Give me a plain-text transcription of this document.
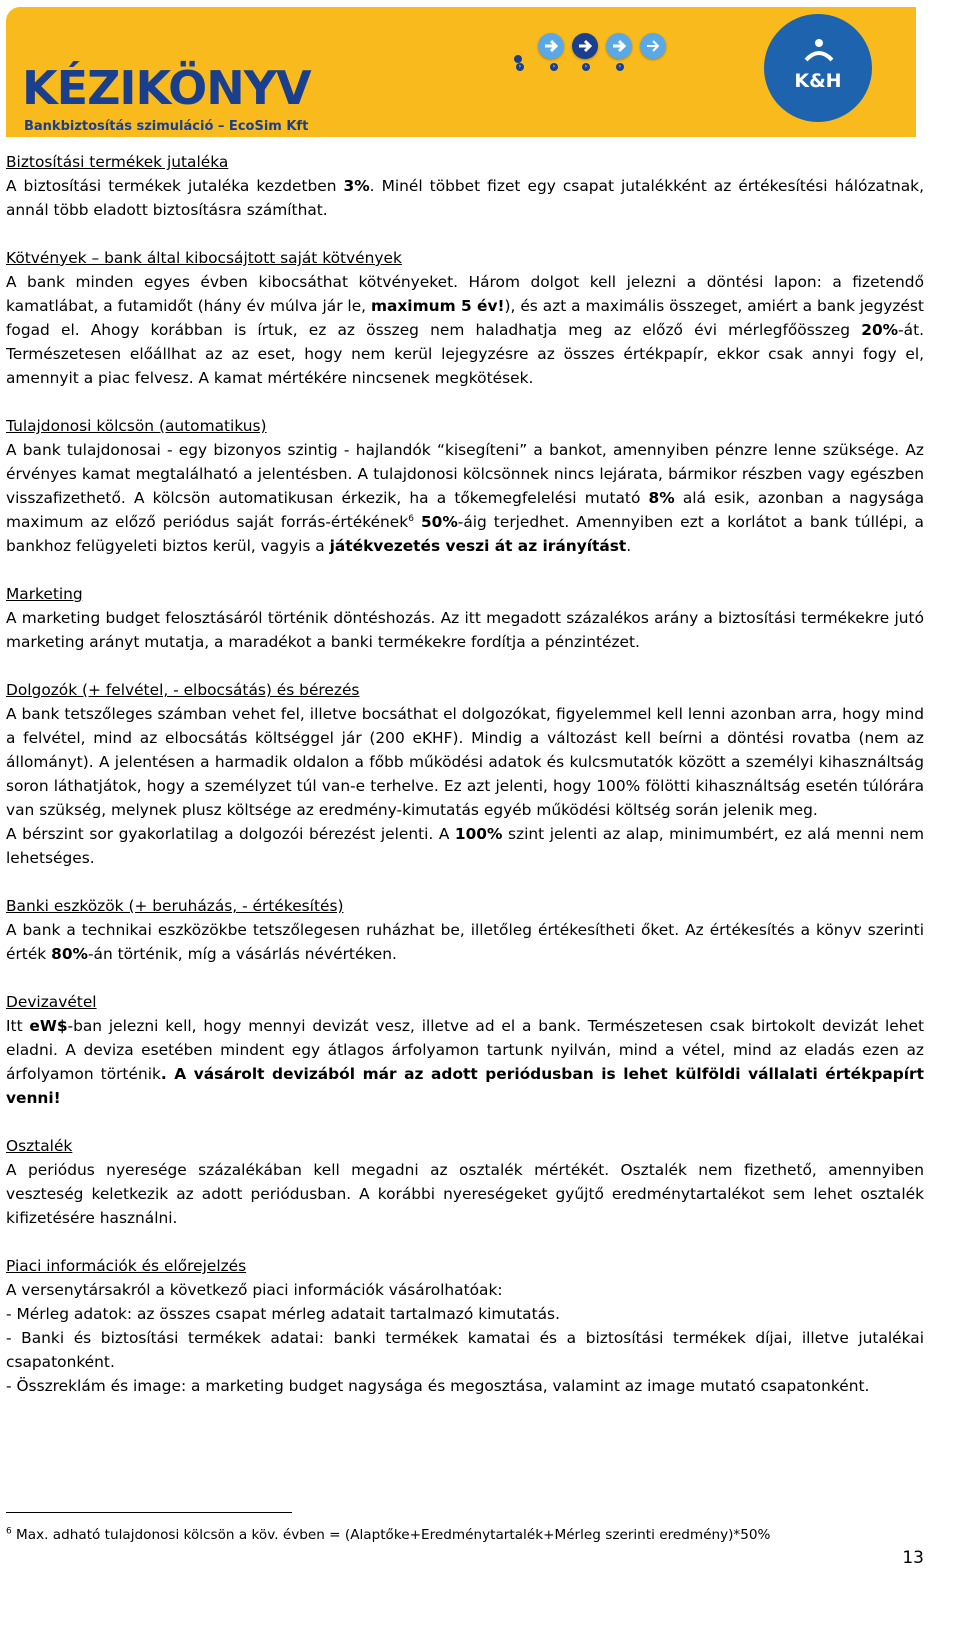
KÉZIKÖNYV
Bankbiztosítás szimuláció – EcoSim Kft
›	›	›	›
K&H
Biztosítási termékek jutaléka

A biztosítási termékek jutaléka kezdetben 3%. Minél többet fizet egy csapat jutalékként az értékesítési hálózatnak, annál több eladott biztosításra számíthat.

Kötvények – bank által kibocsájtott saját kötvények

A bank minden egyes évben kibocsáthat kötvényeket. Három dolgot kell jelezni a döntési lapon: a fizetendő kamatlábat, a futamidőt (hány év múlva jár le, maximum 5 év!), és azt a maximális összeget, amiért a bank jegyzést fogad el. Ahogy korábban is írtuk, ez az összeg nem haladhatja meg az előző évi mérlegfőösszeg 20%-át. Természetesen előállhat az az eset, hogy nem kerül lejegyzésre az összes értékpapír, ekkor csak annyi fogy el, amennyit a piac felvesz. A kamat mértékére nincsenek megkötések.

Tulajdonosi kölcsön (automatikus)

A bank tulajdonosai - egy bizonyos szintig - hajlandók “kisegíteni” a bankot, amennyiben pénzre lenne szüksége. Az érvényes kamat megtalálható a jelentésben. A tulajdonosi kölcsönnek nincs lejárata, bármikor részben vagy egészben visszafizethető. A kölcsön automatikusan érkezik, ha a tőkemegfelelési mutató 8% alá esik, azonban a nagysága maximum az előző periódus saját forrás-értékének$^6$ 50%-áig terjedhet. Amennyiben ezt a korlátot a bank túllépi, a bankhoz felügyeleti biztos kerül, vagyis a játékvezetés veszi át az irányítást.

Marketing

A marketing budget felosztásáról történik döntéshozás. Az itt megadott százalékos arány a biztosítási termékekre jutó marketing arányt mutatja, a maradékot a banki termékekre fordítja a pénzintézet.

Dolgozók (+ felvétel, - elbocsátás) és bérezés

A bank tetszőleges számban vehet fel, illetve bocsáthat el dolgozókat, figyelemmel kell lenni azonban arra, hogy mind a felvétel, mind az elbocsátás költséggel jár (200 eKHF). Mindig a változást kell beírni a döntési rovatba (nem az állományt). A jelentésen a harmadik oldalon a főbb működési adatok és kulcsmutatók között a személyi kihasználtság soron láthatjátok, hogy a személyzet túl van-e terhelve. Ez azt jelenti, hogy 100% fölötti kihasználtság esetén túlórára van szükség, melynek plusz költsége az eredmény-kimutatás egyéb működési költség során jelenik meg.

A bérszint sor gyakorlatilag a dolgozói bérezést jelenti. A 100% szint jelenti az alap, minimumbért, ez alá menni nem lehetséges.

Banki eszközök (+ beruházás, - értékesítés)

A bank a technikai eszközökbe tetszőlegesen ruházhat be, illetőleg értékesítheti őket. Az értékesítés a könyv szerinti érték 80%-án történik, míg a vásárlás névértéken.

Devizavétel

Itt eW$-ban jelezni kell, hogy mennyi devizát vesz, illetve ad el a bank. Természetesen csak birtokolt devizát lehet eladni. A deviza esetében mindent egy átlagos árfolyamon tartunk nyilván, mind a vétel, mind az eladás ezen az árfolyamon történik. A vásárolt devizából már az adott periódusban is lehet külföldi vállalati értékpapírt venni!

Osztalék

A periódus nyeresége százalékában kell megadni az osztalék mértékét. Osztalék nem fizethető, amennyiben veszteség keletkezik az adott periódusban. A korábbi nyereségeket gyűjtő eredménytartalékot sem lehet osztalék kifizetésére használni.

Piaci információk és előrejelzés

A versenytársakról a következő piaci információk vásárolhatóak:

- Mérleg adatok: az összes csapat mérleg adatait tartalmazó kimutatás.

- Banki és biztosítási termékek adatai: banki termékek kamatai és a biztosítási termékek díjai, illetve jutalékai csapatonként.

- Összreklám és image: a marketing budget nagysága és megosztása, valamint az image mutató csapatonként.

$^6$ Max. adható tulajdonosi kölcsön a köv. évben = (Alaptőke+Eredménytartalék+Mérleg szerinti eredmény)*50%
13
